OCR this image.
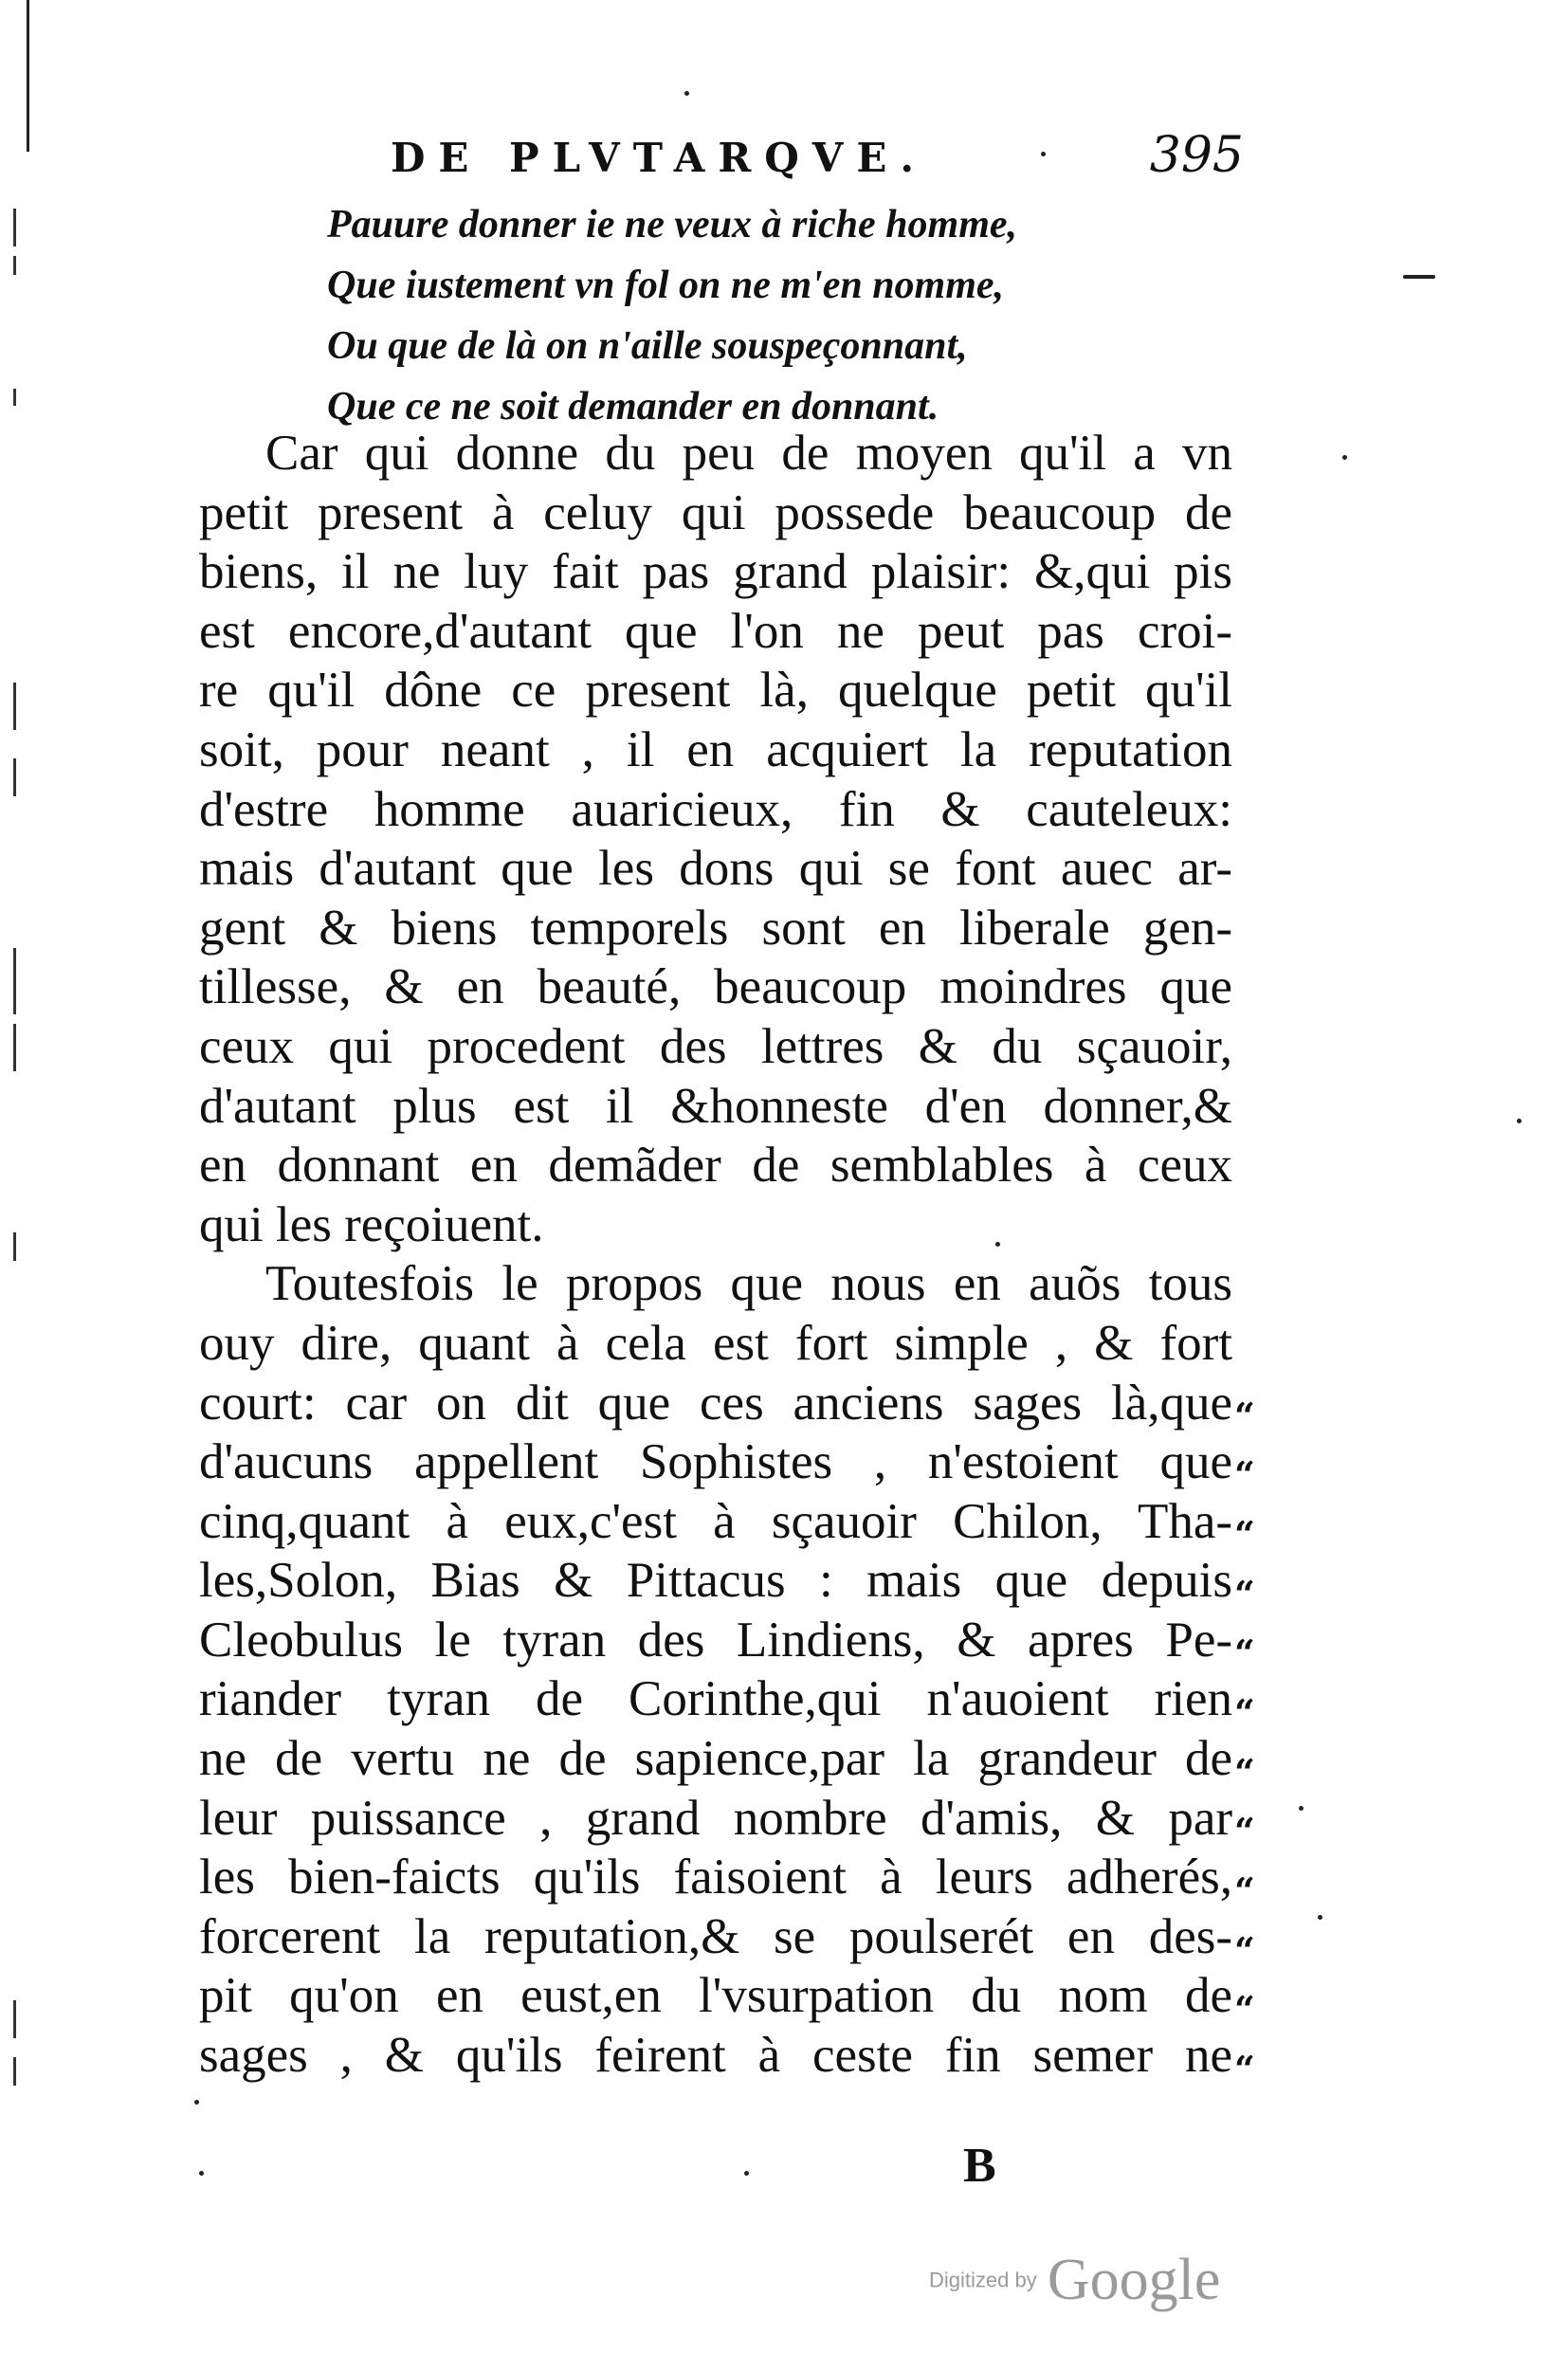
DE PLVTARQVE.	395
Pauure donner ie ne veux à riche homme,
Que iustement vn fol on ne m'en nomme,
Ou que de là on n'aille souspeçonnant,
Que ce ne soit demander en donnant.
Car qui donne du peu de moyen qu'il a vn
petit present à celuy qui possede beaucoup de
biens, il ne luy fait pas grand plaisir: &,qui pis
est encore,d'autant que l'on ne peut pas croi-
re qu'il dône ce present là, quelque petit qu'il
soit, pour neant , il en acquiert la reputation
d'estre homme auaricieux, fin & cauteleux:
mais d'autant que les dons qui se font auec ar-
gent & biens temporels sont en liberale gen-
tillesse, & en beauté, beaucoup moindres que
ceux qui procedent des lettres & du sçauoir,
d'autant plus est il &honneste d'en donner,&
en donnant en demãder de semblables à ceux
qui les reçoiuent.
Toutesfois le propos que nous en auõs tous
ouy dire, quant à cela est fort simple , & fort
court: car on dit que ces anciens sages là,que
d'aucuns appellent Sophistes , n'estoient que
cinq,quant à eux,c'est à sçauoir Chilon, Tha-
les,Solon, Bias & Pittacus : mais que depuis
Cleobulus le tyran des Lindiens, & apres Pe-
riander tyran de Corinthe,qui n'auoient rien
ne de vertu ne de sapience,par la grandeur de
leur puissance , grand nombre d'amis, & par
les bien-faicts qu'ils faisoient à leurs adherés,
forcerent la reputation,& se poulserét en des-
pit qu'on en eust,en l'vsurpation du nom de
sages , & qu'ils feirent à ceste fin semer ne
“
“
“
“
“
“
“
“
“
“
“
“
B
Digitized by Google
